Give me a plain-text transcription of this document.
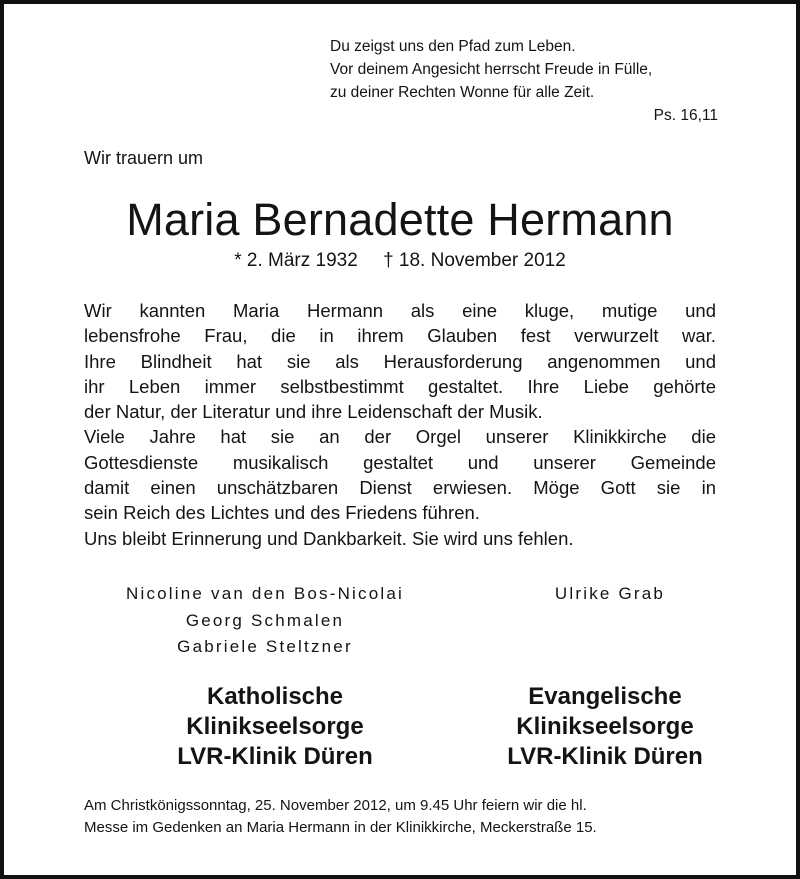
Du zeigst uns den Pfad zum Leben.
Vor deinem Angesicht herrscht Freude in Fülle,
zu deiner Rechten Wonne für alle Zeit.
Ps. 16,11
Wir trauern um
Maria Bernadette Hermann
* 2. März 1932 † 18. November 2012
Wir kannten Maria Hermann als eine kluge, mutige und
lebensfrohe Frau, die in ihrem Glauben fest verwurzelt war.
Ihre Blindheit hat sie als Herausforderung angenommen und
ihr Leben immer selbstbestimmt gestaltet. Ihre Liebe gehörte
der Natur, der Literatur und ihre Leidenschaft der Musik.
Viele Jahre hat sie an der Orgel unserer Klinikkirche die
Gottesdienste musikalisch gestaltet und unserer Gemeinde
damit einen unschätzbaren Dienst erwiesen. Möge Gott sie in
sein Reich des Lichtes und des Friedens führen.
Uns bleibt Erinnerung und Dankbarkeit. Sie wird uns fehlen.
Nicoline van den Bos-Nicolai
Georg Schmalen
Gabriele Steltzner
Ulrike Grab
Katholische
Klinikseelsorge
LVR-Klinik Düren
Evangelische
Klinikseelsorge
LVR-Klinik Düren
Am Christkönigssonntag, 25. November 2012, um 9.45 Uhr feiern wir die hl.
Messe im Gedenken an Maria Hermann in der Klinikkirche, Meckerstraße 15.
